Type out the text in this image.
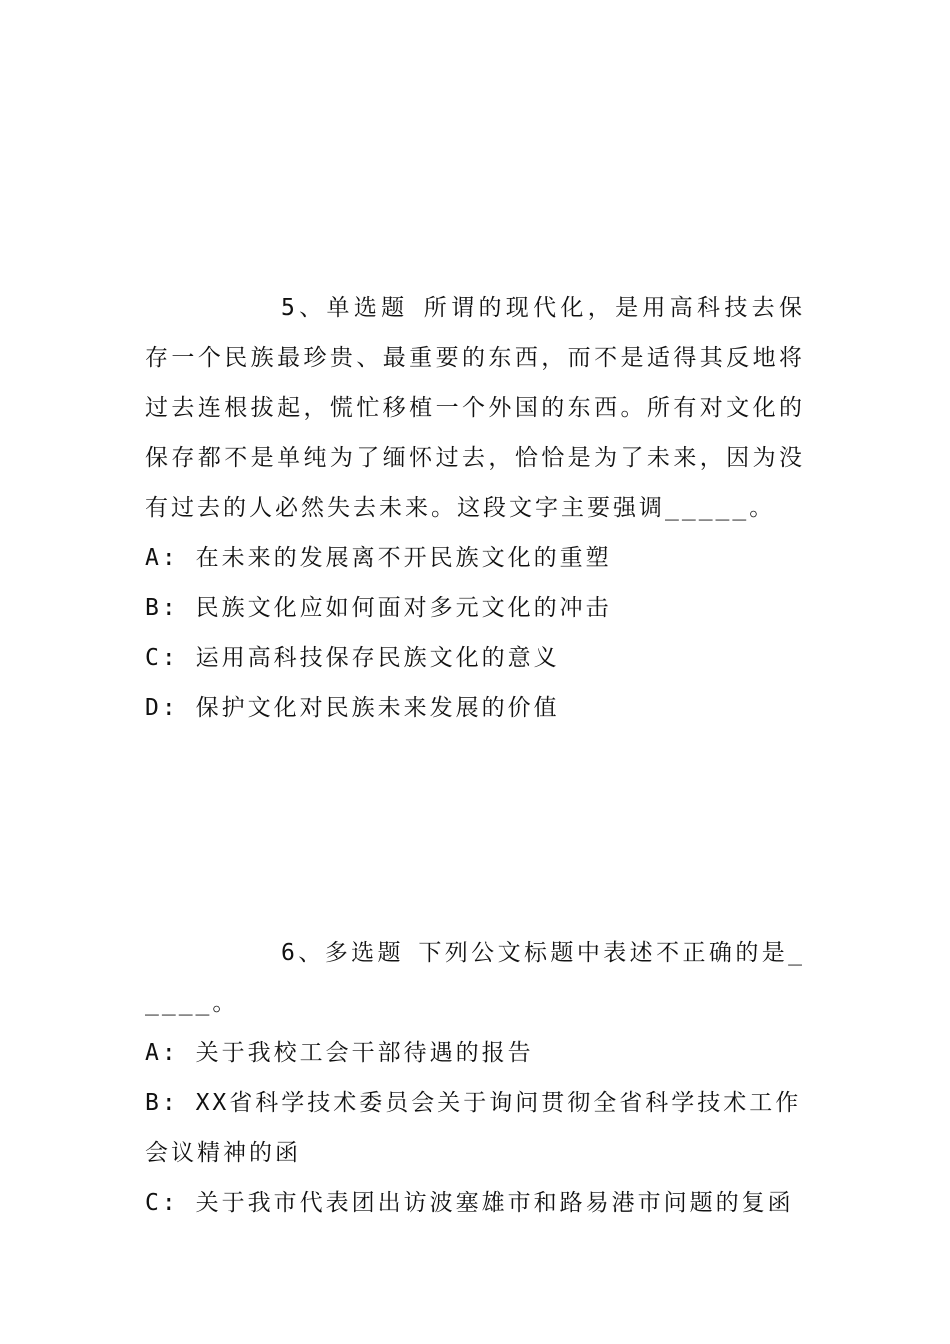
5、单选题 所谓的现代化，是用高科技去保存一个民族最珍贵、最重要的东西，而不是适得其反地将过去连根拔起，慌忙移植一个外国的东西。所有对文化的保存都不是单纯为了缅怀过去，恰恰是为了未来，因为没有过去的人必然失去未来。这段文字主要强调_____。

A: 在未来的发展离不开民族文化的重塑

B: 民族文化应如何面对多元文化的冲击

C: 运用高科技保存民族文化的意义

D: 保护文化对民族未来发展的价值

6、多选题 下列公文标题中表述不正确的是_____。

A: 关于我校工会干部待遇的报告

B: XX省科学技术委员会关于询问贯彻全省科学技术工作会议精神的函

C: 关于我市代表团出访波塞雄市和路易港市问题的复函
